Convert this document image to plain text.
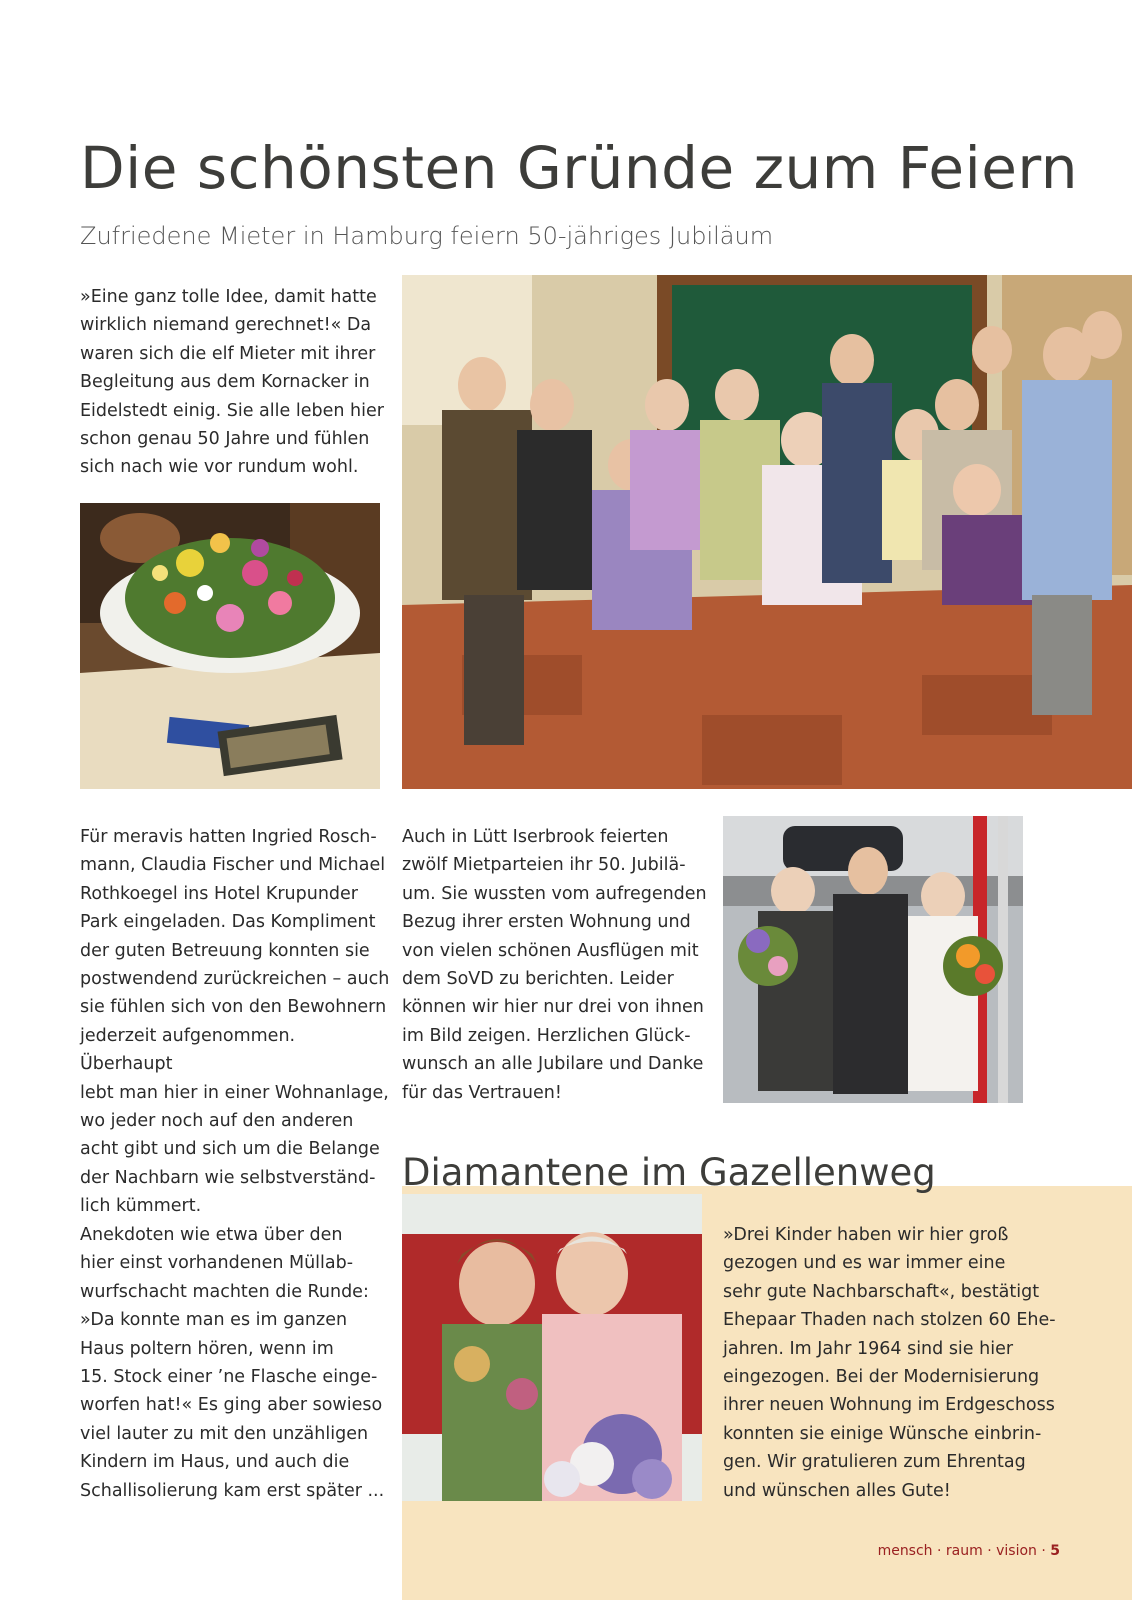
Die schönsten Gründe zum Feiern
Zufriedene Mieter in Hamburg feiern 50-jähriges Jubiläum
»Eine ganz tolle Idee, damit hatte
wirklich niemand gerechnet!« Da
waren sich die elf Mieter mit ihrer
Begleitung aus dem Kornacker in
Eidelstedt einig. Sie alle leben hier
schon genau 50 Jahre und fühlen
sich nach wie vor rundum wohl.
Für meravis hatten Ingried Rosch-
mann, Claudia Fischer und Michael
Rothkoegel ins Hotel Krupunder
Park eingeladen. Das Kompliment
der guten Betreuung konnten sie
postwendend zurückreichen – auch
sie fühlen sich von den Bewohnern
jederzeit aufgenommen. Überhaupt
lebt man hier in einer Wohnanlage,
wo jeder noch auf den anderen
acht gibt und sich um die Belange
der Nachbarn wie selbstverständ-
lich kümmert.
Anekdoten wie etwa über den
hier einst vorhandenen Müllab-
wurfschacht machten die Runde:
»Da konnte man es im ganzen
Haus poltern hören, wenn im
15. Stock einer ’ne Flasche einge-
worfen hat!« Es ging aber sowieso
viel lauter zu mit den unzähligen
Kindern im Haus, und auch die
Schallisolierung kam erst später ...
Auch in Lütt Iserbrook feierten
zwölf Mietparteien ihr 50. Jubilä-
um. Sie wussten vom aufregenden
Bezug ihrer ersten Wohnung und
von vielen schönen Ausflügen mit
dem SoVD zu berichten. Leider
können wir hier nur drei von ihnen
im Bild zeigen. Herzlichen Glück-
wunsch an alle Jubilare und Danke
für das Vertrauen!
Diamantene im Gazellenweg
»Drei Kinder haben wir hier groß
gezogen und es war immer eine
sehr gute Nachbarschaft«, bestätigt
Ehepaar Thaden nach stolzen 60 Ehe-
jahren. Im Jahr 1964 sind sie hier
eingezogen. Bei der Modernisierung
ihrer neuen Wohnung im Erdgeschoss
konnten sie einige Wünsche einbrin-
gen. Wir gratulieren zum Ehrentag
und wünschen alles Gute!
mensch · raum · vision · 5
